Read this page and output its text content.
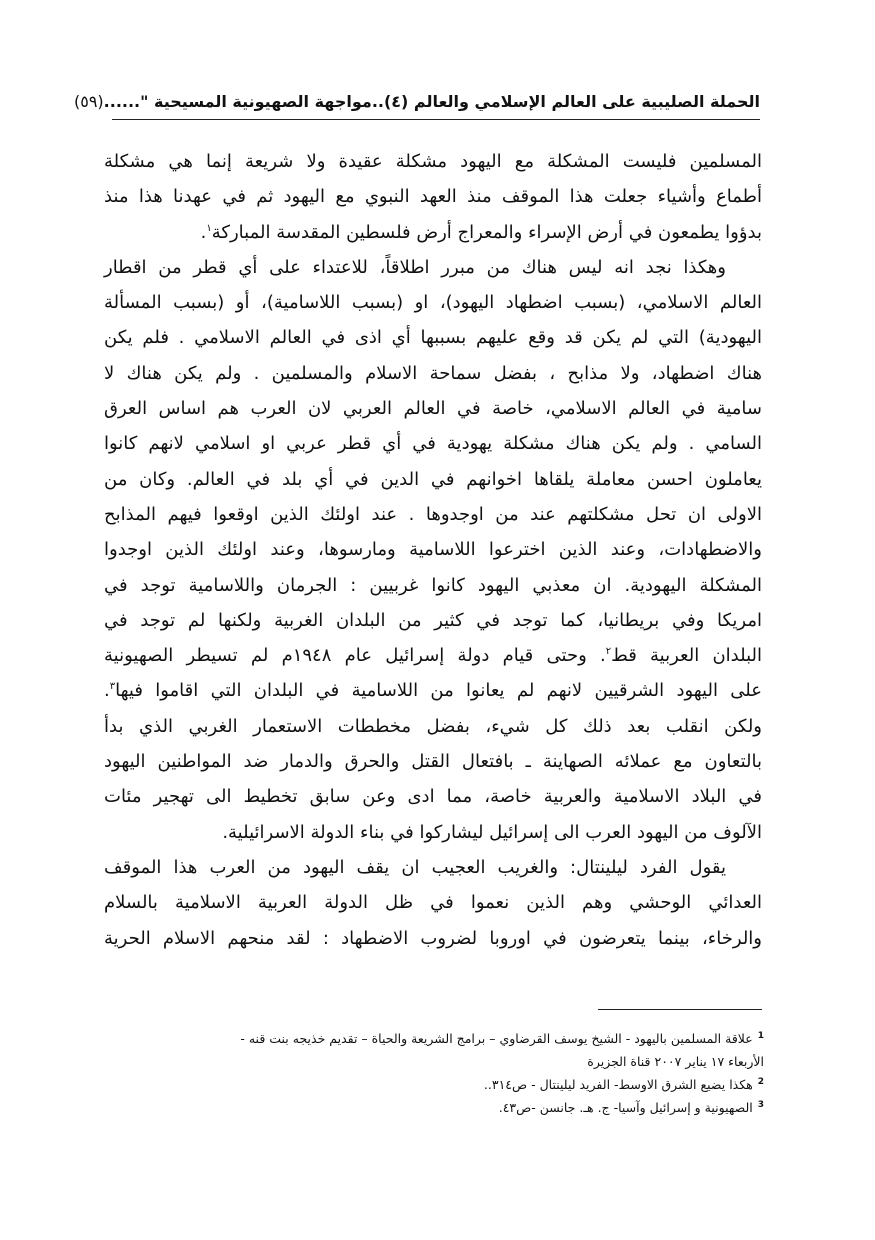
الحملة الصليبية على العالم الإسلامي والعالم (٤)..مواجهة الصهيونية المسيحية "......
(٥٩)
المسلمين فليست المشكلة مع اليهود مشكلة عقيدة ولا شريعة إنما هي مشكلة
أطماع وأشياء جعلت هذا الموقف منذ العهد النبوي مع اليهود ثم في عهدنا هذا منذ
بدؤوا يطمعون في أرض الإسراء والمعراج أرض فلسطين المقدسة المباركة$^١$.
وهكذا نجد انه ليس هناك من مبرر اطلاقاً، للاعتداء على أي قطر من اقطار
العالم الاسلامي، (بسبب اضطهاد اليهود)، او (بسبب اللاسامية)، أو (بسبب المسألة
اليهودية) التي لم يكن قد وقع عليهم بسببها أي اذى في العالم الاسلامي . فلم يكن
هناك اضطهاد، ولا مذابح ، بفضل سماحة الاسلام والمسلمين . ولم يكن هناك لا
سامية في العالم الاسلامي، خاصة في العالم العربي لان العرب هم اساس العرق
السامي . ولم يكن هناك مشكلة يهودية في أي قطر عربي او اسلامي لانهم كانوا
يعاملون احسن معاملة يلقاها اخوانهم في الدين في أي بلد في العالم. وكان من
الاولى ان تحل مشكلتهم عند من اوجدوها . عند اولئك الذين اوقعوا فيهم المذابح
والاضطهادات، وعند الذين اخترعوا اللاسامية ومارسوها، وعند اولئك الذين اوجدوا
المشكلة اليهودية. ان معذبي اليهود كانوا غربيين : الجرمان واللاسامية توجد في
امريكا وفي بريطانيا، كما توجد في كثير من البلدان الغربية ولكنها لم توجد في
البلدان العربية قط$^٢$. وحتى قيام دولة إسرائيل عام ١٩٤٨م لم تسيطر الصهيونية
على اليهود الشرقيين لانهم لم يعانوا من اللاسامية في البلدان التي اقاموا فيها$^٣$.
ولكن انقلب بعد ذلك كل شيء، بفضل مخططات الاستعمار الغربي الذي بدأ
بالتعاون مع عملائه الصهاينة ـ بافتعال القتل والحرق والدمار ضد المواطنين اليهود
في البلاد الاسلامية والعربية خاصة، مما ادى وعن سابق تخطيط الى تهجير مئات
الآلوف من اليهود العرب الى إسرائيل ليشاركوا في بناء الدولة الاسرائيلية.
يقول الفرد ليلينتال: والغريب العجيب ان يقف اليهود من العرب هذا الموقف
العدائي الوحشي وهم الذين نعموا في ظل الدولة العربية الاسلامية بالسلام
والرخاء، بينما يتعرضون في اوروبا لضروب الاضطهاد : لقد منحهم الاسلام الحرية
$^1$علاقة المسلمين باليهود - الشيخ يوسف القرضاوي – برامج الشريعة والحياة – تقديم خذيجه بنت قنه -
الأربعاء ١٧ يناير ٢٠٠٧ قناة الجزيرة
$^2$هكذا يضيع الشرق الاوسط- الفريد ليلينتال - ص٣١٤..
$^3$الصهيونية و إسرائيل وآسيا- ج. هـ. جانسن -ص٤٣.
